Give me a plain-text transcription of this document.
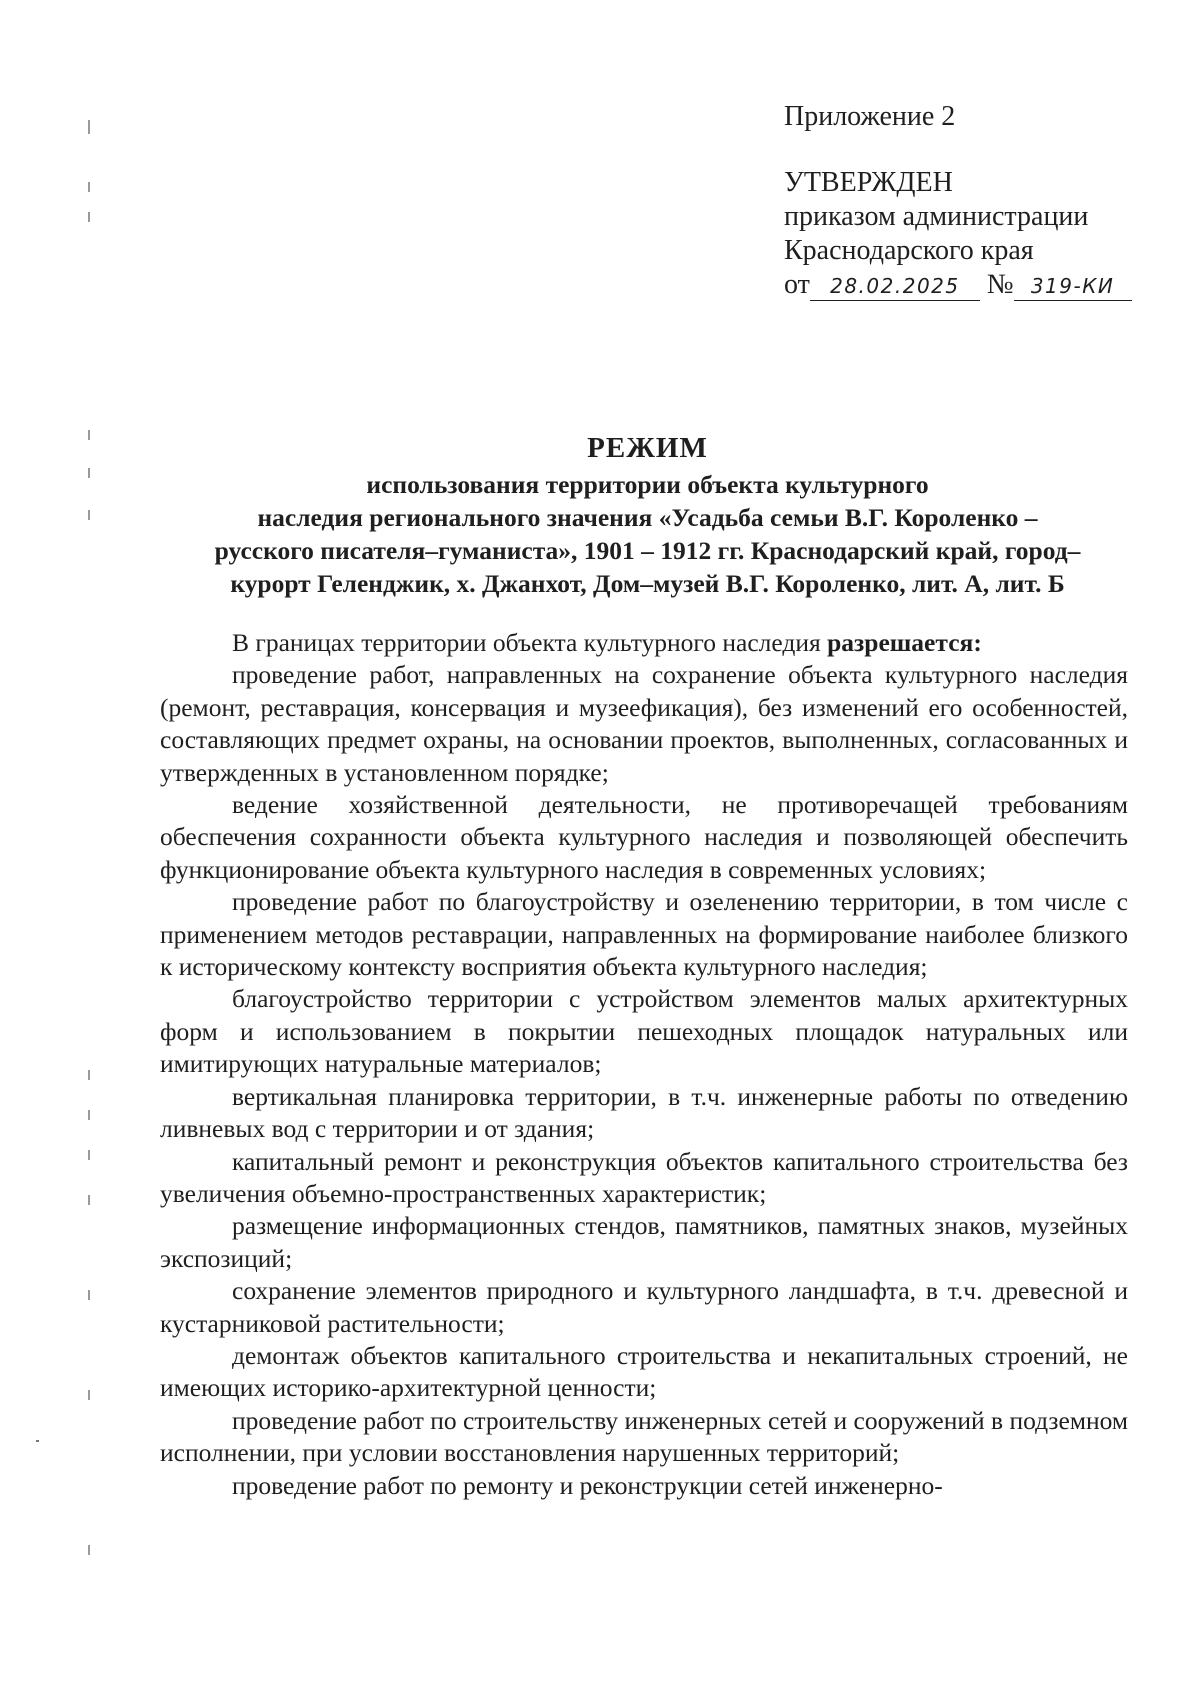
Приложение 2
УТВЕРЖДЕН
приказом администрации
Краснодарского края
от 28.02.2025 № 319-КИ
РЕЖИМ
использования территории объекта культурного
наследия регионального значения «Усадьба семьи В.Г. Короленко –
русского писателя–гуманиста», 1901 – 1912 гг. Краснодарский край, город–
курорт Геленджик, х. Джанхот, Дом–музей В.Г. Короленко, лит. А, лит. Б

В границах территории объекта культурного наследия разрешается:

проведение работ, направленных на сохранение объекта культурного наследия (ремонт, реставрация, консервация и музеефикация), без изменений его особенностей, составляющих предмет охраны, на основании проектов, выполненных, согласованных и утвержденных в установленном порядке;

ведение хозяйственной деятельности, не противоречащей требованиям обеспечения сохранности объекта культурного наследия и позволяющей обеспечить функционирование объекта культурного наследия в современных условиях;

проведение работ по благоустройству и озеленению территории, в том числе с применением методов реставрации, направленных на формирование наиболее близкого к историческому контексту восприятия объекта культурного наследия;

благоустройство территории с устройством элементов малых архитектурных форм и использованием в покрытии пешеходных площадок натуральных или имитирующих натуральные материалов;

вертикальная планировка территории, в т.ч. инженерные работы по отведению ливневых вод с территории и от здания;

капитальный ремонт и реконструкция объектов капитального строительства без увеличения объемно-пространственных характеристик;

размещение информационных стендов, памятников, памятных знаков, музейных экспозиций;

сохранение элементов природного и культурного ландшафта, в т.ч. древесной и кустарниковой растительности;

демонтаж объектов капитального строительства и некапитальных строений, не имеющих историко-архитектурной ценности;

проведение работ по строительству инженерных сетей и сооружений в подземном исполнении, при условии восстановления нарушенных территорий;

проведение работ по ремонту и реконструкции сетей инженерно-
